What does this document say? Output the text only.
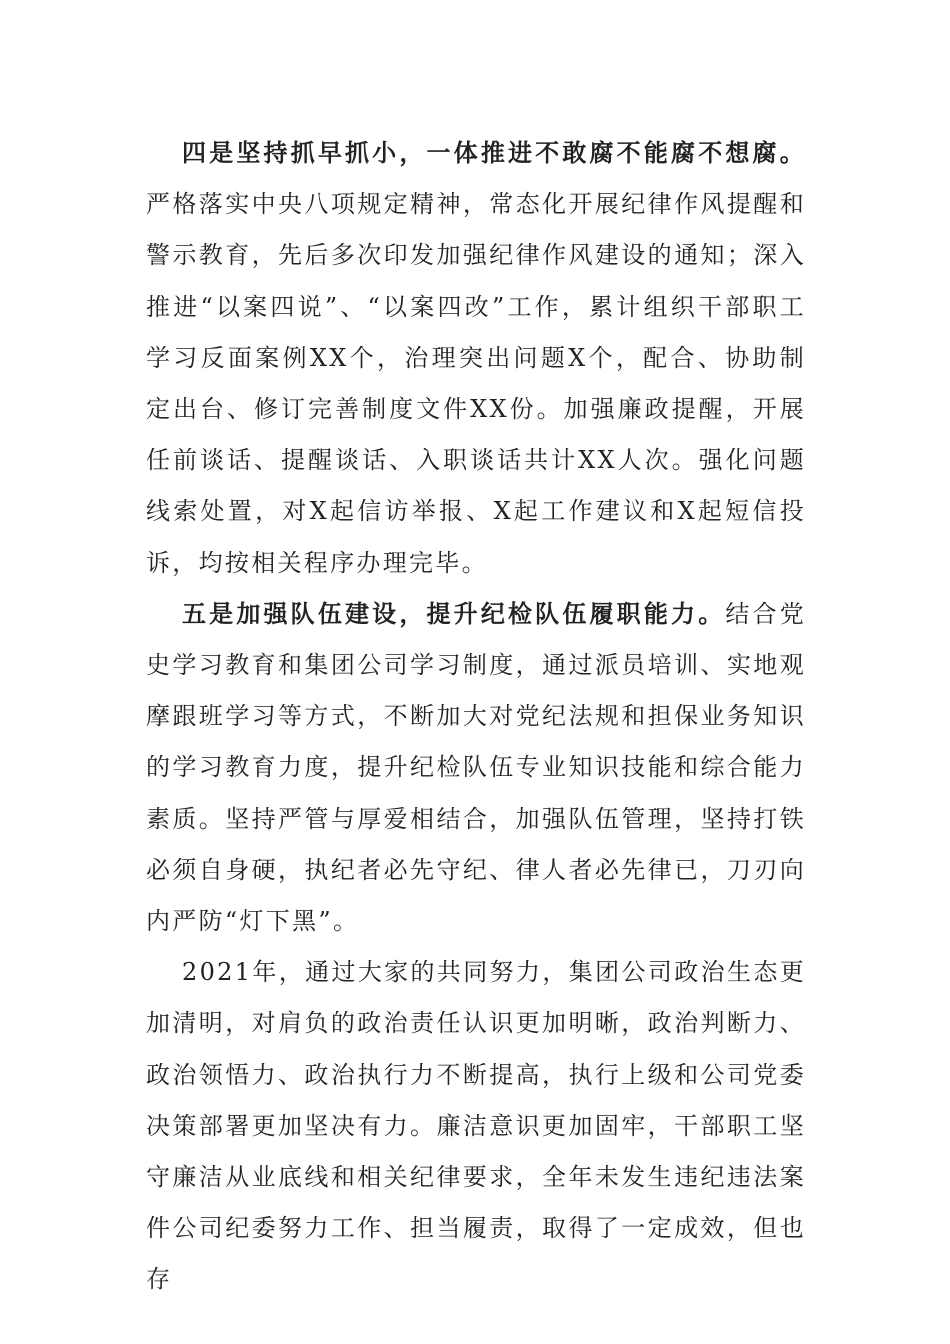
四是坚持抓早抓小，一体推进不敢腐不能腐不想腐。严格落实中央八项规定精神，常态化开展纪律作风提醒和警示教育，先后多次印发加强纪律作风建设的通知；深入推进“以案四说”、“以案四改”工作，累计组织干部职工学习反面案例XX个，治理突出问题X个，配合、协助制定出台、修订完善制度文件XX份。加强廉政提醒，开展任前谈话、提醒谈话、入职谈话共计XX人次。强化问题线索处置，对X起信访举报、X起工作建议和X起短信投诉，均按相关程序办理完毕。

五是加强队伍建设，提升纪检队伍履职能力。结合党史学习教育和集团公司学习制度，通过派员培训、实地观摩跟班学习等方式，不断加大对党纪法规和担保业务知识的学习教育力度，提升纪检队伍专业知识技能和综合能力素质。坚持严管与厚爱相结合，加强队伍管理，坚持打铁必须自身硬，执纪者必先守纪、律人者必先律已，刀刃向内严防“灯下黑”。

2021年，通过大家的共同努力，集团公司政治生态更加清明，对肩负的政治责任认识更加明晰，政治判断力、政治领悟力、政治执行力不断提高，执行上级和公司党委决策部署更加坚决有力。廉洁意识更加固牢，干部职工坚守廉洁从业底线和相关纪律要求，全年未发生违纪违法案件公司纪委努力工作、担当履责，取得了一定成效，但也存
